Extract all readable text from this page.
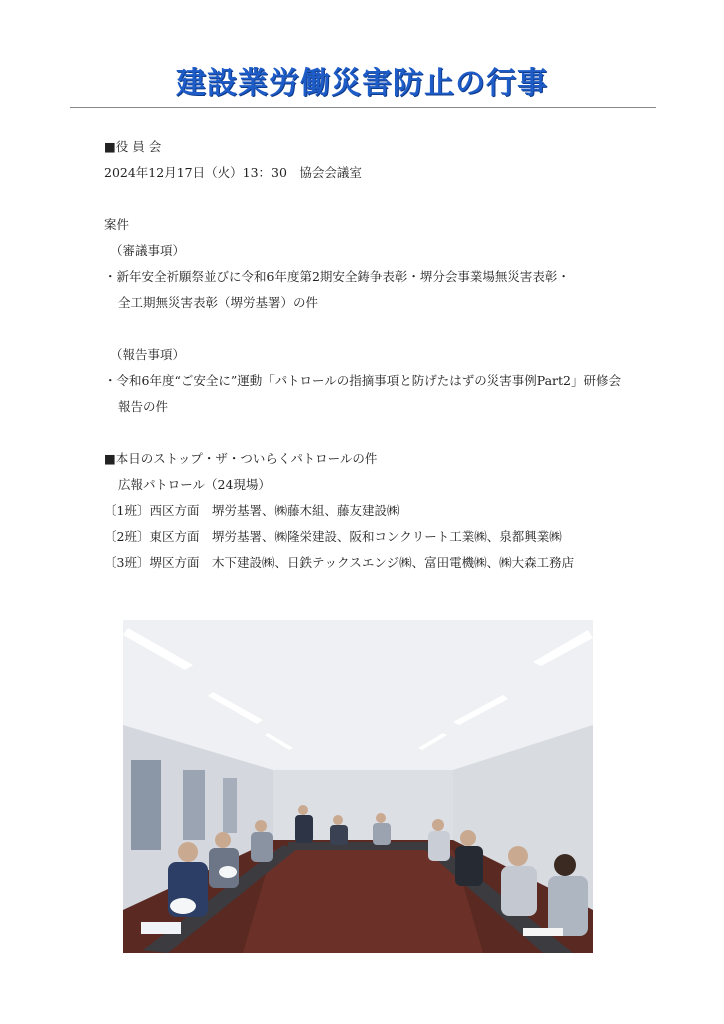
建設業労働災害防止の行事
■役 員 会
2024年12月17日（火）13：30　協会会議室
案件
（審議事項）
・新年安全祈願祭並びに令和6年度第2期安全鋳争表彰・堺分会事業場無災害表彰・
全工期無災害表彰（堺労基署）の件
（報告事項）
・令和6年度“ご安全に”運動「パトロールの指摘事項と防げたはずの災害事例Part2」研修会
報告の件
■本日のストップ・ザ・ついらくパトロールの件
広報パトロール（24現場）
〔1班〕西区方面	堺労基署、㈱藤木組、藤友建設㈱
〔2班〕東区方面	堺労基署、㈱隆栄建設、阪和コンクリート工業㈱、泉都興業㈱
〔3班〕堺区方面	木下建設㈱、日鉄テックスエンジ㈱、富田電機㈱、㈱大森工務店
